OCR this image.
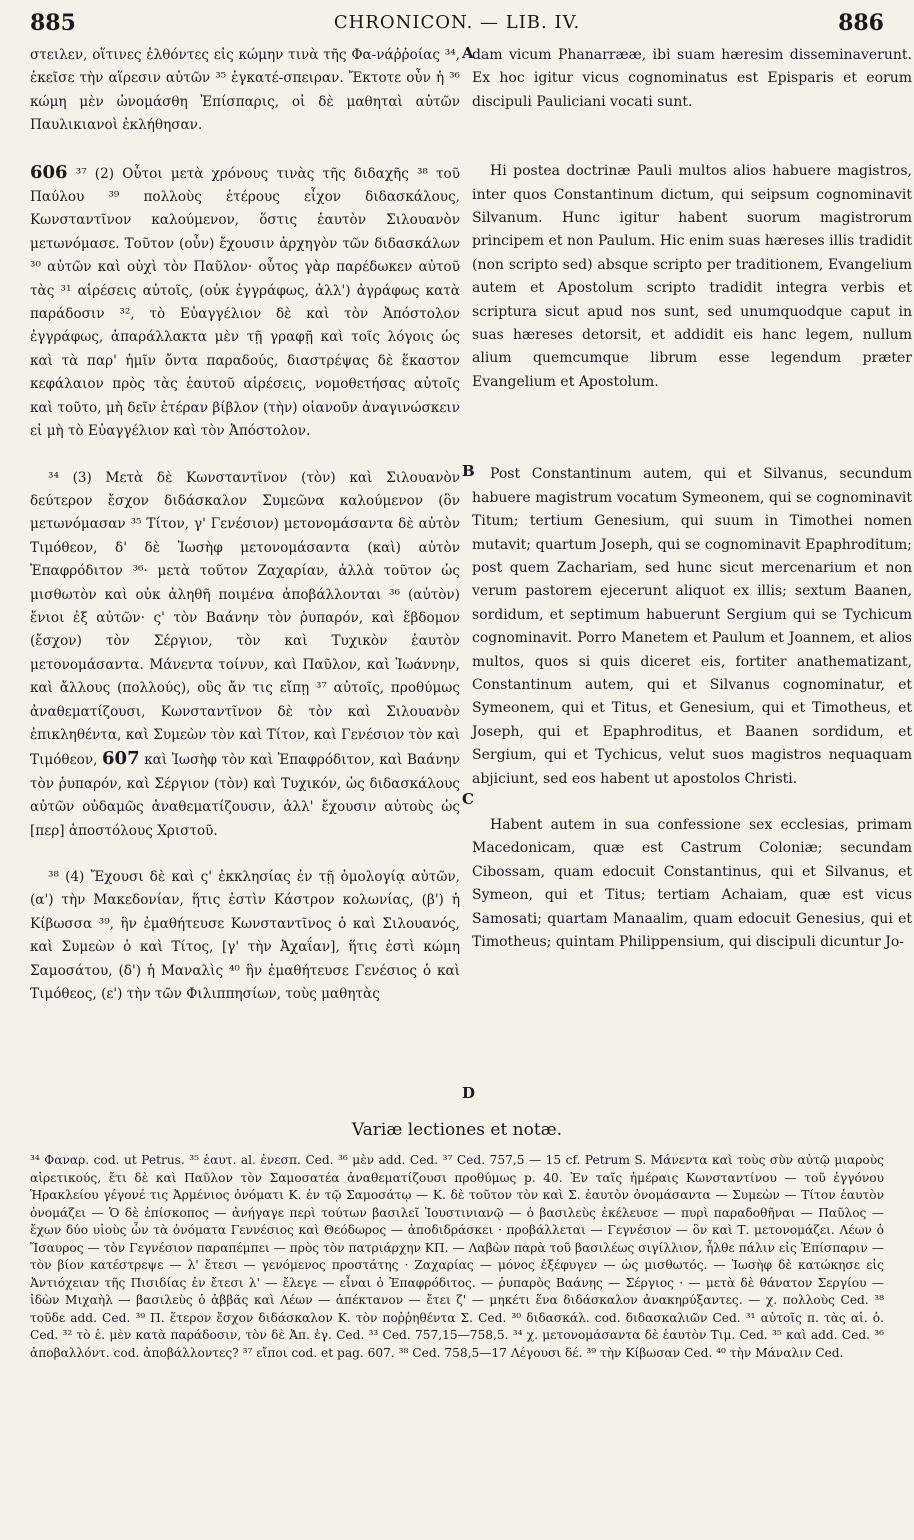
885	CHRONICON. — LIB. IV.	886

στειλεν, οἵτινες ἐλθόντες εἰς κώμην τινὰ τῆς Φα-νάῤῥοίας ³⁴, ἐκεῖσε τὴν αἵρεσιν αὐτῶν ³⁵ ἐγκατέ-σπειραν. Ἔκτοτε οὖν ἡ ³⁶ κώμη μὲν ὠνομάσθη Ἐπίσπαρις, οἱ δὲ μαθηταὶ αὐτῶν Παυλικιανοὶ ἐκλήθησαν.

606 ³⁷ (2) Οὗτοι μετὰ χρόνους τινὰς τῆς διδαχῆς ³⁸ τοῦ Παύλου ³⁹ πολλοὺς ἑτέρους εἶχον διδασκάλους, Κωνσταντῖνον καλούμενον, ὅστις ἑαυτὸν Σιλουανὸν μετωνόμασε. Τοῦτον (οὖν) ἔχουσιν ἀρχηγὸν τῶν διδασκάλων ³⁰ αὐτῶν καὶ οὐχὶ τὸν Παῦλον· οὗτος γὰρ παρέδωκεν αὐτοῦ τὰς ³¹ αἱρέσεις αὐτοῖς, (οὐκ ἐγγράφως, ἀλλ') ἀγράφως κατὰ παράδοσιν ³², τὸ Εὐαγγέλιον δὲ καὶ τὸν Ἀπόστολον ἐγγράφως, ἀπαράλλακτα μὲν τῇ γραφῇ καὶ τοῖς λόγοις ὡς καὶ τὰ παρ' ἡμῖν ὄντα παραδούς, διαστρέψας δὲ ἕκαστον κεφάλαιον πρὸς τὰς ἑαυτοῦ αἱρέσεις, νομοθετήσας αὐτοῖς καὶ τοῦτο, μὴ δεῖν ἑτέραν βίβλον (τὴν) οἱανοῦν ἀναγινώσκειν εἰ μὴ τὸ Εὐαγγέλιον καὶ τὸν Ἀπόστολον.

³⁴ (3) Μετὰ δὲ Κωνσταντῖνον (τὸν) καὶ Σιλουανὸν δεύτερον ἔσχον διδάσκαλον Συμεῶνα καλούμενον (ὃν μετωνόμασαν ³⁵ Τίτον, γ' Γενέσιον) μετονομάσαντα δὲ αὐτὸν Τιμόθεον, δ' δὲ Ἰωσὴφ μετονομάσαντα (καὶ) αὐτὸν Ἐπαφρόδιτον ³⁶· μετὰ τοῦτον Ζαχαρίαν, ἀλλὰ τοῦτον ὡς μισθωτὸν καὶ οὐκ ἀληθῆ ποιμένα ἀποβάλλονται ³⁶ (αὐτὸν) ἔνιοι ἐξ αὐτῶν· ς' τὸν Βαάνην τὸν ῥυπαρόν, καὶ ἕβδομον (ἔσχον) τὸν Σέργιον, τὸν καὶ Τυχικὸν ἑαυτὸν μετονομάσαντα. Μάνεντα τοίνυν, καὶ Παῦλον, καὶ Ἰωάννην, καὶ ἄλλους (πολλούς), οὓς ἄν τις εἴπῃ ³⁷ αὐτοῖς, προθύμως ἀναθεματίζουσι, Κωνσταντῖνον δὲ τὸν καὶ Σιλουανὸν ἐπικληθέντα, καὶ Συμεὼν τὸν καὶ Τίτον, καὶ Γενέσιον τὸν καὶ Τιμόθεον, 607 καὶ Ἰωσὴφ τὸν καὶ Ἐπαφρόδιτον, καὶ Βαάνην τὸν ῥυπαρόν, καὶ Σέργιον (τὸν) καὶ Τυχικόν, ὡς διδασκάλους αὐτῶν οὐδαμῶς ἀναθεματίζουσιν, ἀλλ' ἔχουσιν αὐτοὺς ὡς [περ] ἀποστόλους Χριστοῦ.

³⁸ (4) Ἔχουσι δὲ καὶ ς' ἐκκλησίας ἐν τῇ ὁμολογίᾳ αὐτῶν, (α') τὴν Μακεδονίαν, ἥτις ἐστὶν Κάστρον κολωνίας, (β') ἡ Κίβωσσα ³⁹, ἣν ἐμαθήτευσε Κωνσταντῖνος ὁ καὶ Σιλουανός, καὶ Συμεὼν ὁ καὶ Τίτος, [γ' τὴν Ἀχαΐαν], ἥτις ἐστὶ κώμη Σαμοσάτου, (δ') ἡ Μαναλὶς ⁴⁰ ἣν ἐμαθήτευσε Γενέσιος ὁ καὶ Τιμόθεος, (ε') τὴν τῶν Φιλιππησίων, τοὺς μαθητὰς

A
B
C
D

dam vicum Phanarrææ, ibi suam hæresim disseminaverunt. Ex hoc igitur vicus cognominatus est Episparis et eorum discipuli Pauliciani vocati sunt.

Hi postea doctrinæ Pauli multos alios habuere magistros, inter quos Constantinum dictum, qui seipsum cognominavit Silvanum. Hunc igitur habent suorum magistrorum principem et non Paulum. Hic enim suas hæreses illis tradidit (non scripto sed) absque scripto per traditionem, Evangelium autem et Apostolum scripto tradidit integra verbis et scriptura sicut apud nos sunt, sed unumquodque caput in suas hæreses detorsit, et addidit eis hanc legem, nullum alium quemcumque librum esse legendum præter Evangelium et Apostolum.

Post Constantinum autem, qui et Silvanus, secundum habuere magistrum vocatum Symeonem, qui se cognominavit Titum; tertium Genesium, qui suum in Timothei nomen mutavit; quartum Joseph, qui se cognominavit Epaphroditum; post quem Zachariam, sed hunc sicut mercenarium et non verum pastorem ejecerunt aliquot ex illis; sextum Baanen, sordidum, et septimum habuerunt Sergium qui se Tychicum cognominavit. Porro Manetem et Paulum et Joannem, et alios multos, quos si quis diceret eis, fortiter anathematizant, Constantinum autem, qui et Silvanus cognominatur, et Symeonem, qui et Titus, et Genesium, qui et Timotheus, et Joseph, qui et Epaphroditus, et Baanen sordidum, et Sergium, qui et Tychicus, velut suos magistros nequaquam abjiciunt, sed eos habent ut apostolos Christi.

Habent autem in sua confessione sex ecclesias, primam Macedonicam, quæ est Castrum Coloniæ; secundam Cibossam, quam edocuit Constantinus, qui et Silvanus, et Symeon, qui et Titus; tertiam Achaiam, quæ est vicus Samosati; quartam Manaalim, quam edocuit Genesius, qui et Timotheus; quintam Philippensium, qui discipuli dicuntur Jo-

Variæ lectiones et notæ.
³⁴ Φαναρ. cod. ut Petrus. ³⁵ ἑαυτ. al. ἐνεσπ. Ced. ³⁶ μὲν add. Ced. ³⁷ Ced. 757,5 — 15 cf. Petrum S. Μάνεντα καὶ τοὺς σὺν αὐτῷ μιαροὺς αἱρετικούς, ἔτι δὲ καὶ Παῦλον τὸν Σαμοσατέα ἀναθεματίζουσι προθύμως p. 40. Ἐν ταῖς ἡμέραις Κωνσταντίνου — τοῦ ἐγγόνου Ἡρακλείου γέγονέ τις Ἀρμένιος ὀνόματι Κ. ἐν τῷ Σαμοσάτῳ — Κ. δὲ τοῦτον τὸν καὶ Σ. ἑαυτὸν ὀνομάσαντα — Συμεὼν — Τίτον ἑαυτὸν ὀνομάζει — Ὁ δὲ ἐπίσκοπος — ἀνήγαγε περὶ τούτων βασιλεῖ Ἰουστινιανῷ — ὁ βασιλεὺς ἐκέλευσε — πυρὶ παραδοθῆναι — Παῦλος — ἔχων δύο υἱοὺς ὧν τὰ ὀνόματα Γεννέσιος καὶ Θεόδωρος — ἀποδιδράσκει · προβάλλεται — Γεγνέσιον — ὃν καὶ Τ. μετονομάζει. Λέων ὁ Ἴσαυρος — τὸν Γεγνέσιον παραπέμπει — πρὸς τὸν πατριάρχην ΚΠ. — Λαβὼν παρὰ τοῦ βασιλέως σιγίλλιον, ἦλθε πάλιν εἰς Ἐπίσπαριν — τὸν βίον κατέστρεψε — λ' ἔτεσι — γενόμενος προστάτης · Ζαχαρίας — μόνος ἐξέφυγεν — ὡς μισθωτός. — Ἰωσὴφ δὲ κατώκησε εἰς Ἀντιόχειαν τῆς Πισιδίας ἐν ἔτεσι λ' — ἔλεγε — εἶναι ὁ Ἐπαφρόδιτος. — ῥυπαρὸς Βαάνης — Σέργιος · — μετὰ δὲ θάνατον Σεργίου — ἰδὼν Μιχαὴλ — βασιλεὺς ὁ ἀββᾶς καὶ Λέων — ἀπέκτανον — ἔτει ζ' — μηκέτι ἕνα διδάσκαλον ἀνακηρύξαντες. — χ. πολλοὺς Ced. ³⁸ τοῦδε add. Ced. ³⁹ Π. ἕτερον ἔσχον διδάσκαλον Κ. τὸν ποῤῥηθέντα Σ. Ced. ³⁰ διδασκάλ. cod. διδασκαλιῶν Ced. ³¹ αὐτοῖς π. τὰς αἱ. ὁ. Ced. ³² τὸ ἑ. μὲν κατὰ παράδοσιν, τὸν δὲ Ἀπ. ἐγ. Ced. ³³ Ced. 757,15—758,5. ³⁴ χ. μετονομάσαντα δὲ ἑαυτὸν Τιμ. Ced. ³⁵ καὶ add. Ced. ³⁶ ἀποβαλλόντ. cod. ἀποβάλλοντες? ³⁷ εἴποι cod. et pag. 607. ³⁸ Ced. 758,5—17 Λέγουσι δέ. ³⁹ τὴν Κίβωσαν Ced. ⁴⁰ τὴν Μάναλιν Ced.
